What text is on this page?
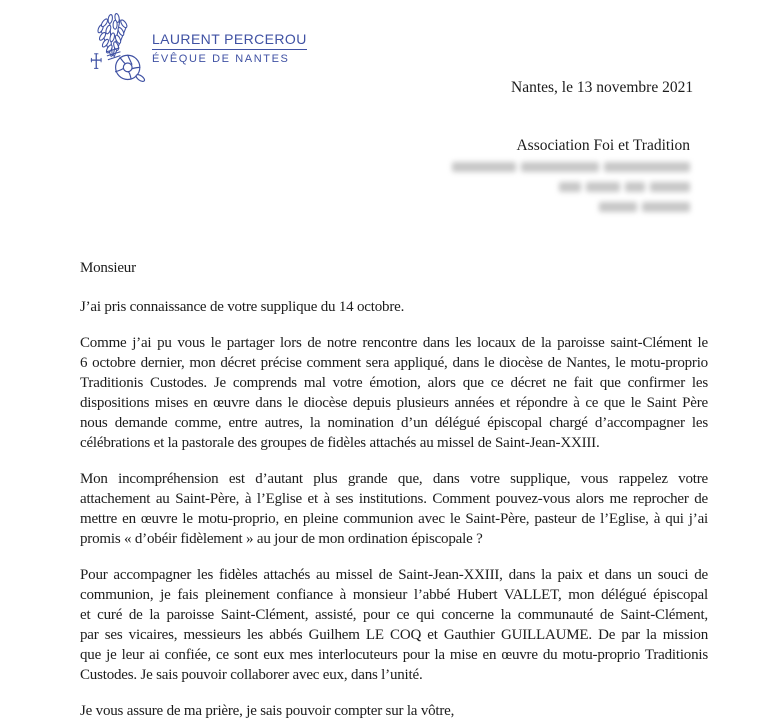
LAURENT PERCEROU
ÉVÊQUE DE NANTES
Nantes, le 13 novembre 2021
Association Foi et Tradition

Monsieur

J’ai pris connaissance de votre supplique du 14 octobre.

Comme j’ai pu vous le partager lors de notre rencontre dans les locaux de la paroisse saint-Clément le
6 octobre dernier, mon décret précise comment sera appliqué, dans le diocèse de Nantes, le motu-proprio
Traditionis Custodes. Je comprends mal votre émotion, alors que ce décret ne fait que confirmer les
dispositions mises en œuvre dans le diocèse depuis plusieurs années et répondre à ce que le Saint Père
nous demande comme, entre autres, la nomination d’un délégué épiscopal chargé d’accompagner les
célébrations et la pastorale des groupes de fidèles attachés au missel de Saint-Jean-XXIII.
Mon incompréhension est d’autant plus grande que, dans votre supplique, vous rappelez votre
attachement au Saint-Père, à l’Eglise et à ses institutions. Comment pouvez-vous alors me reprocher de
mettre en œuvre le motu-proprio, en pleine communion avec le Saint-Père, pasteur de l’Eglise, à qui j’ai
promis « d’obéir fidèlement » au jour de mon ordination épiscopale ?
Pour accompagner les fidèles attachés au missel de Saint-Jean-XXIII, dans la paix et dans un souci de
communion, je fais pleinement confiance à monsieur l’abbé Hubert VALLET, mon délégué épiscopal
et curé de la paroisse Saint-Clément, assisté, pour ce qui concerne la communauté de Saint-Clément,
par ses vicaires, messieurs les abbés Guilhem LE COQ et Gauthier GUILLAUME. De par la mission
que je leur ai confiée, ce sont eux mes interlocuteurs pour la mise en œuvre du motu-proprio Traditionis
Custodes. Je sais pouvoir collaborer avec eux, dans l’unité.

Je vous assure de ma prière, je sais pouvoir compter sur la vôtre,
